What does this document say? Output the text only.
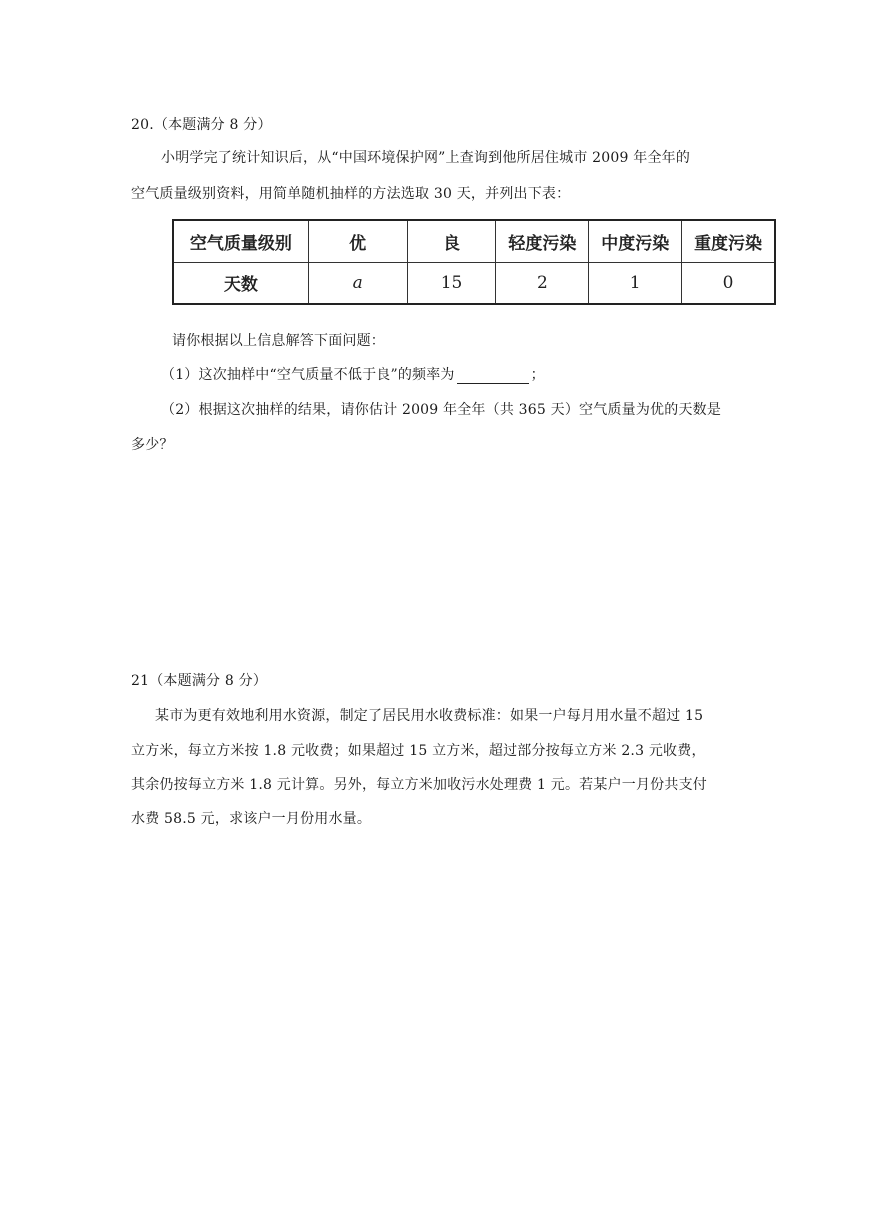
20.（本题满分 8 分）
小明学完了统计知识后，从“中国环境保护网”上查询到他所居住城市 2009 年全年的
空气质量级别资料，用简单随机抽样的方法选取 30 天，并列出下表：
空气质量级别	优	良	轻度污染	中度污染	重度污染
天数	a	15	2	1	0
请你根据以上信息解答下面问题：
（1）这次抽样中“空气质量不低于良”的频率为	；
（2）根据这次抽样的结果，请你估计 2009 年全年（共 365 天）空气质量为优的天数是
多少？
21（本题满分 8 分）
某市为更有效地利用水资源，制定了居民用水收费标准：如果一户每月用水量不超过 15
立方米，每立方米按 1.8 元收费；如果超过 15 立方米，超过部分按每立方米 2.3 元收费，
其余仍按每立方米 1.8 元计算。另外，每立方米加收污水处理费 1 元。若某户一月份共支付
水费 58.5 元，求该户一月份用水量。
